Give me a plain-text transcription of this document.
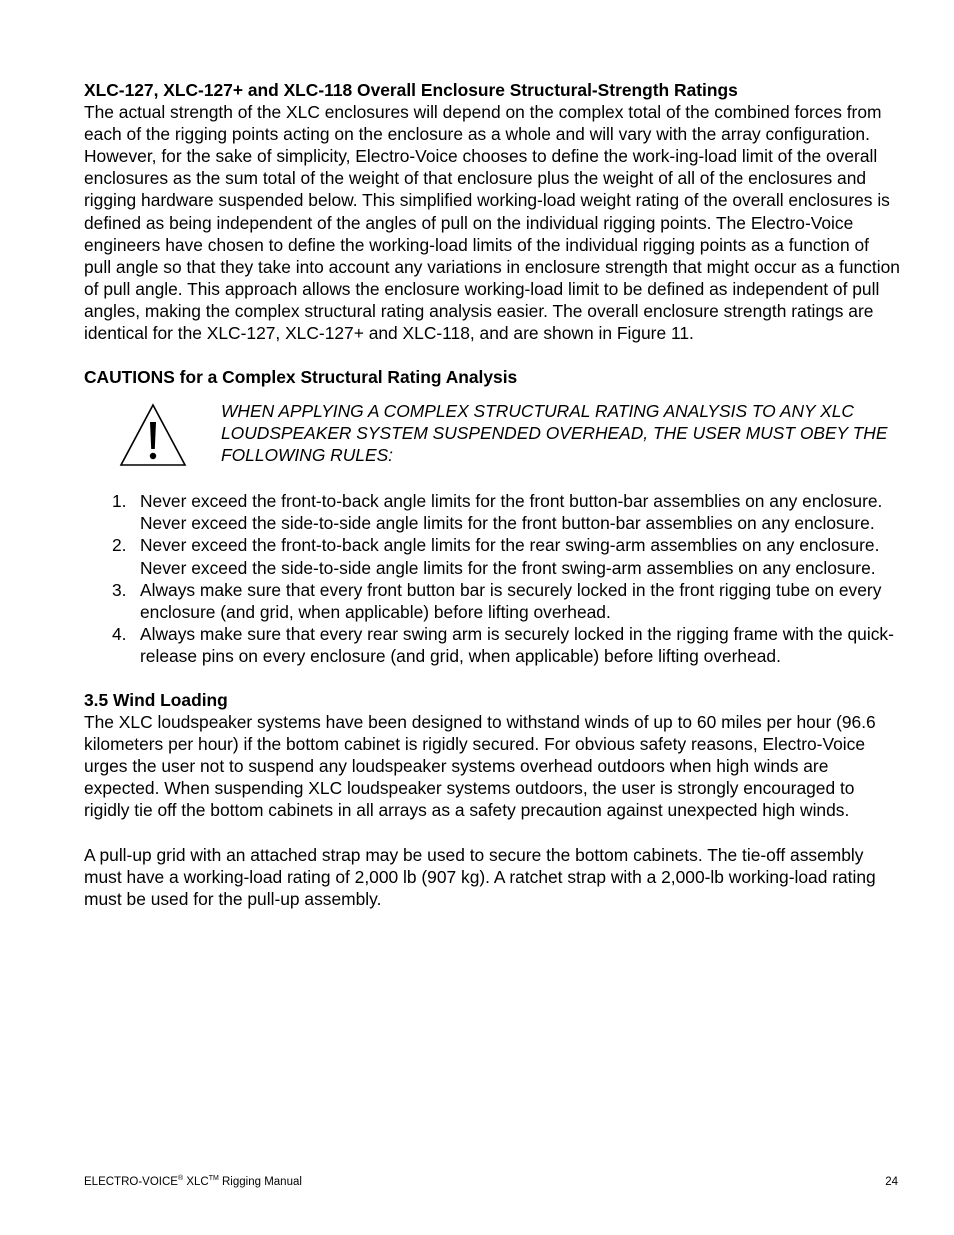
XLC-127, XLC-127+ and XLC-118 Overall Enclosure Structural-Strength Ratings

The actual strength of the XLC enclosures will depend on the complex total of the combined forces from each of the rigging points acting on the enclosure as a whole and will vary with the array configuration. However, for the sake of simplicity, Electro-Voice chooses to define the work-ing-load limit of the overall enclosures as the sum total of the weight of that enclosure plus the weight of all of the enclosures and rigging hardware suspended below. This simplified working-load weight rating of the overall enclosures is defined as being independent of the angles of pull on the individual rigging points. The Electro-Voice engineers have chosen to define the working-load limits of the individual rigging points as a function of pull angle so that they take into account any variations in enclosure strength that might occur as a function of pull angle. This approach allows the enclosure working-load limit to be defined as independent of pull angles, making the complex structural rating analysis easier. The overall enclosure strength ratings are identical for the XLC-127, XLC-127+ and XLC-118, and are shown in Figure 11.

CAUTIONS for a Complex Structural Rating Analysis
WHEN APPLYING A COMPLEX STRUCTURAL RATING ANALYSIS TO ANY XLC LOUDSPEAKER SYSTEM SUSPENDED OVERHEAD, THE USER MUST OBEY THE FOLLOWING RULES:
1. Never exceed the front-to-back angle limits for the front button-bar assemblies on any enclosure. Never exceed the side-to-side angle limits for the front button-bar assemblies on any enclosure.
2. Never exceed the front-to-back angle limits for the rear swing-arm assemblies on any enclosure. Never exceed the side-to-side angle limits for the front swing-arm assemblies on any enclosure.
3. Always make sure that every front button bar is securely locked in the front rigging tube on every enclosure (and grid, when applicable) before lifting overhead.
4. Always make sure that every rear swing arm is securely locked in the rigging frame with the quick-release pins on every enclosure (and grid, when applicable) before lifting overhead.
3.5 Wind Loading

The XLC loudspeaker systems have been designed to withstand winds of up to 60 miles per hour (96.6 kilometers per hour) if the bottom cabinet is rigidly secured. For obvious safety reasons, Electro-Voice urges the user not to suspend any loudspeaker systems overhead outdoors when high winds are expected. When suspending XLC loudspeaker systems outdoors, the user is strongly encouraged to rigidly tie off the bottom cabinets in all arrays as a safety precaution against unexpected high winds.

A pull-up grid with an attached strap may be used to secure the bottom cabinets. The tie-off assembly must have a working-load rating of 2,000 lb (907 kg). A ratchet strap with a 2,000-lb working-load rating must be used for the pull-up assembly.

ELECTRO-VOICE® XLC™ Rigging Manual	24
